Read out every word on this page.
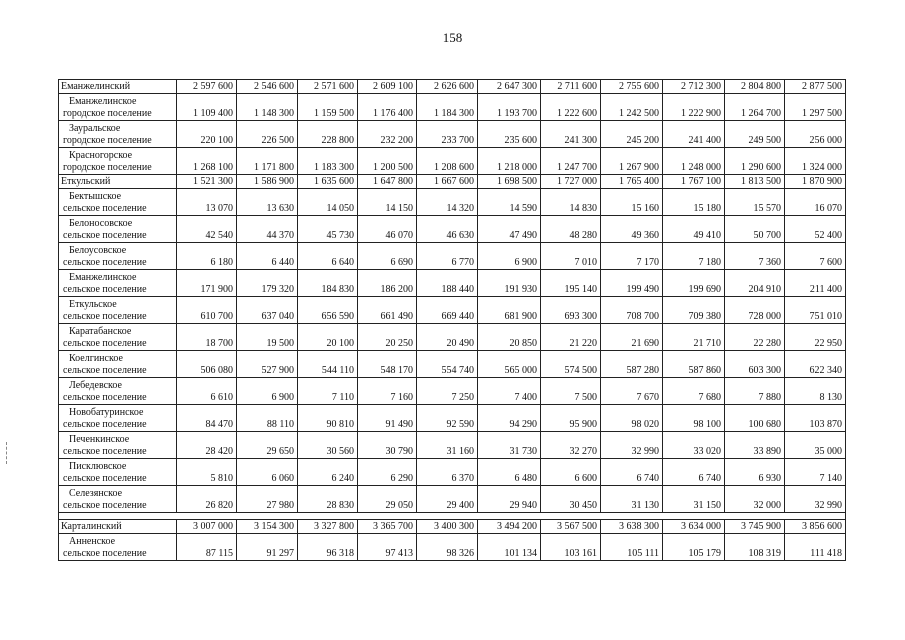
158
Еманжелинский	2 597 600	2 546 600	2 571 600	2 609 100	2 626 600	2 647 300	2 711 600	2 755 600	2 712 300	2 804 800	2 877 500

Еманжелинское
городское поселение	1 109 400	1 148 300	1 159 500	1 176 400	1 184 300	1 193 700	1 222 600	1 242 500	1 222 900	1 264 700	1 297 500

Зауральское
городское поселение	220 100	226 500	228 800	232 200	233 700	235 600	241 300	245 200	241 400	249 500	256 000

Красногорское
городское поселение	1 268 100	1 171 800	1 183 300	1 200 500	1 208 600	1 218 000	1 247 700	1 267 900	1 248 000	1 290 600	1 324 000
Еткульский	1 521 300	1 586 900	1 635 600	1 647 800	1 667 600	1 698 500	1 727 000	1 765 400	1 767 100	1 813 500	1 870 900

Бектышское
сельское поселение	13 070	13 630	14 050	14 150	14 320	14 590	14 830	15 160	15 180	15 570	16 070

Белоносовское
сельское поселение	42 540	44 370	45 730	46 070	46 630	47 490	48 280	49 360	49 410	50 700	52 400

Белоусовское
сельское поселение	6 180	6 440	6 640	6 690	6 770	6 900	7 010	7 170	7 180	7 360	7 600

Еманжелинское
сельское поселение	171 900	179 320	184 830	186 200	188 440	191 930	195 140	199 490	199 690	204 910	211 400

Еткульское
сельское поселение	610 700	637 040	656 590	661 490	669 440	681 900	693 300	708 700	709 380	728 000	751 010

Каратабанское
сельское поселение	18 700	19 500	20 100	20 250	20 490	20 850	21 220	21 690	21 710	22 280	22 950

Коелгинское
сельское поселение	506 080	527 900	544 110	548 170	554 740	565 000	574 500	587 280	587 860	603 300	622 340

Лебедевское
сельское поселение	6 610	6 900	7 110	7 160	7 250	7 400	7 500	7 670	7 680	7 880	8 130

Новобатуринское
сельское поселение	84 470	88 110	90 810	91 490	92 590	94 290	95 900	98 020	98 100	100 680	103 870

Печенкинское
сельское поселение	28 420	29 650	30 560	30 790	31 160	31 730	32 270	32 990	33 020	33 890	35 000

Писклювское
сельское поселение	5 810	6 060	6 240	6 290	6 370	6 480	6 600	6 740	6 740	6 930	7 140

Селезянское
сельское поселение	26 820	27 980	28 830	29 050	29 400	29 940	30 450	31 130	31 150	32 000	32 990

Карталинский	3 007 000	3 154 300	3 327 800	3 365 700	3 400 300	3 494 200	3 567 500	3 638 300	3 634 000	3 745 900	3 856 600

Анненское
сельское поселение	87 115	91 297	96 318	97 413	98 326	101 134	103 161	105 111	105 179	108 319	111 418
